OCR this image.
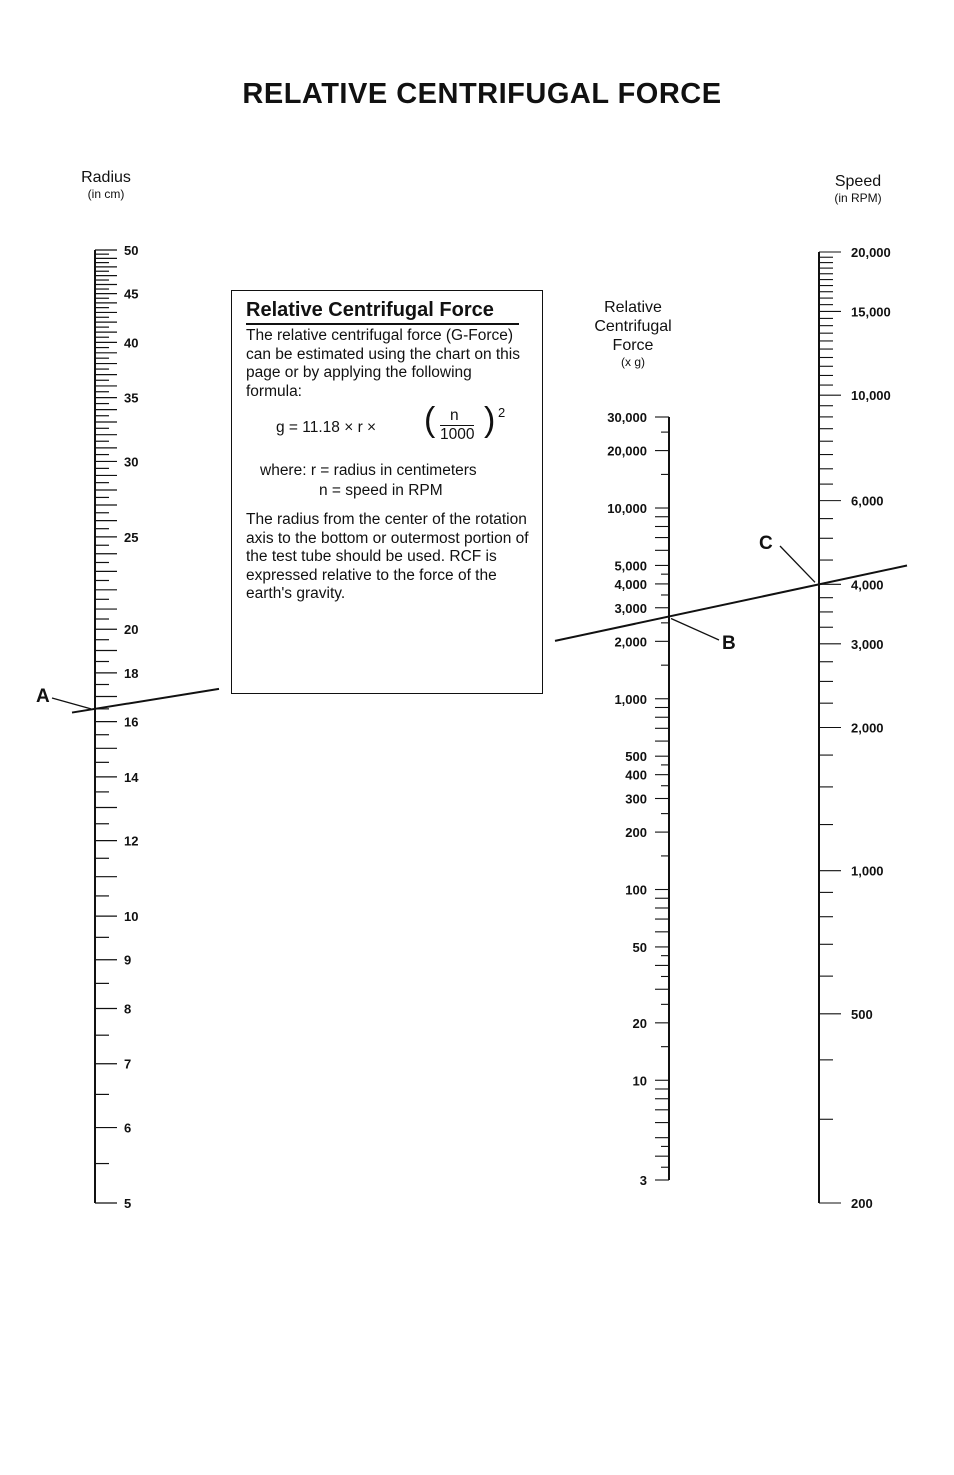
RELATIVE CENTRIFUGAL FORCE
Radius
(in cm)
Speed
(in RPM)
Relative
Centrifugal
Force
(x g)
50
45
40
35
30
25
20
18
16
14
12
10
9
8
7
6
5
30,000
20,000
10,000
5,000
4,000
3,000
2,000
1,000
500
400
300
200
100
50
20
10
3
20,000
15,000
10,000
6,000
4,000
3,000
2,000
1,000
500
200
Relative Centrifugal Force

The relative centrifugal force (G-Force) can be estimated using the chart on this page or by applying the following formula:

g = 11.18 × r × ( n
1000 ) 2
where: r = radius in centimeters
n = speed in RPM

The radius from the center of the rotation axis to the bottom or outermost portion of the test tube should be used. RCF is expressed relative to the force of the earth's gravity.

A
B
C
